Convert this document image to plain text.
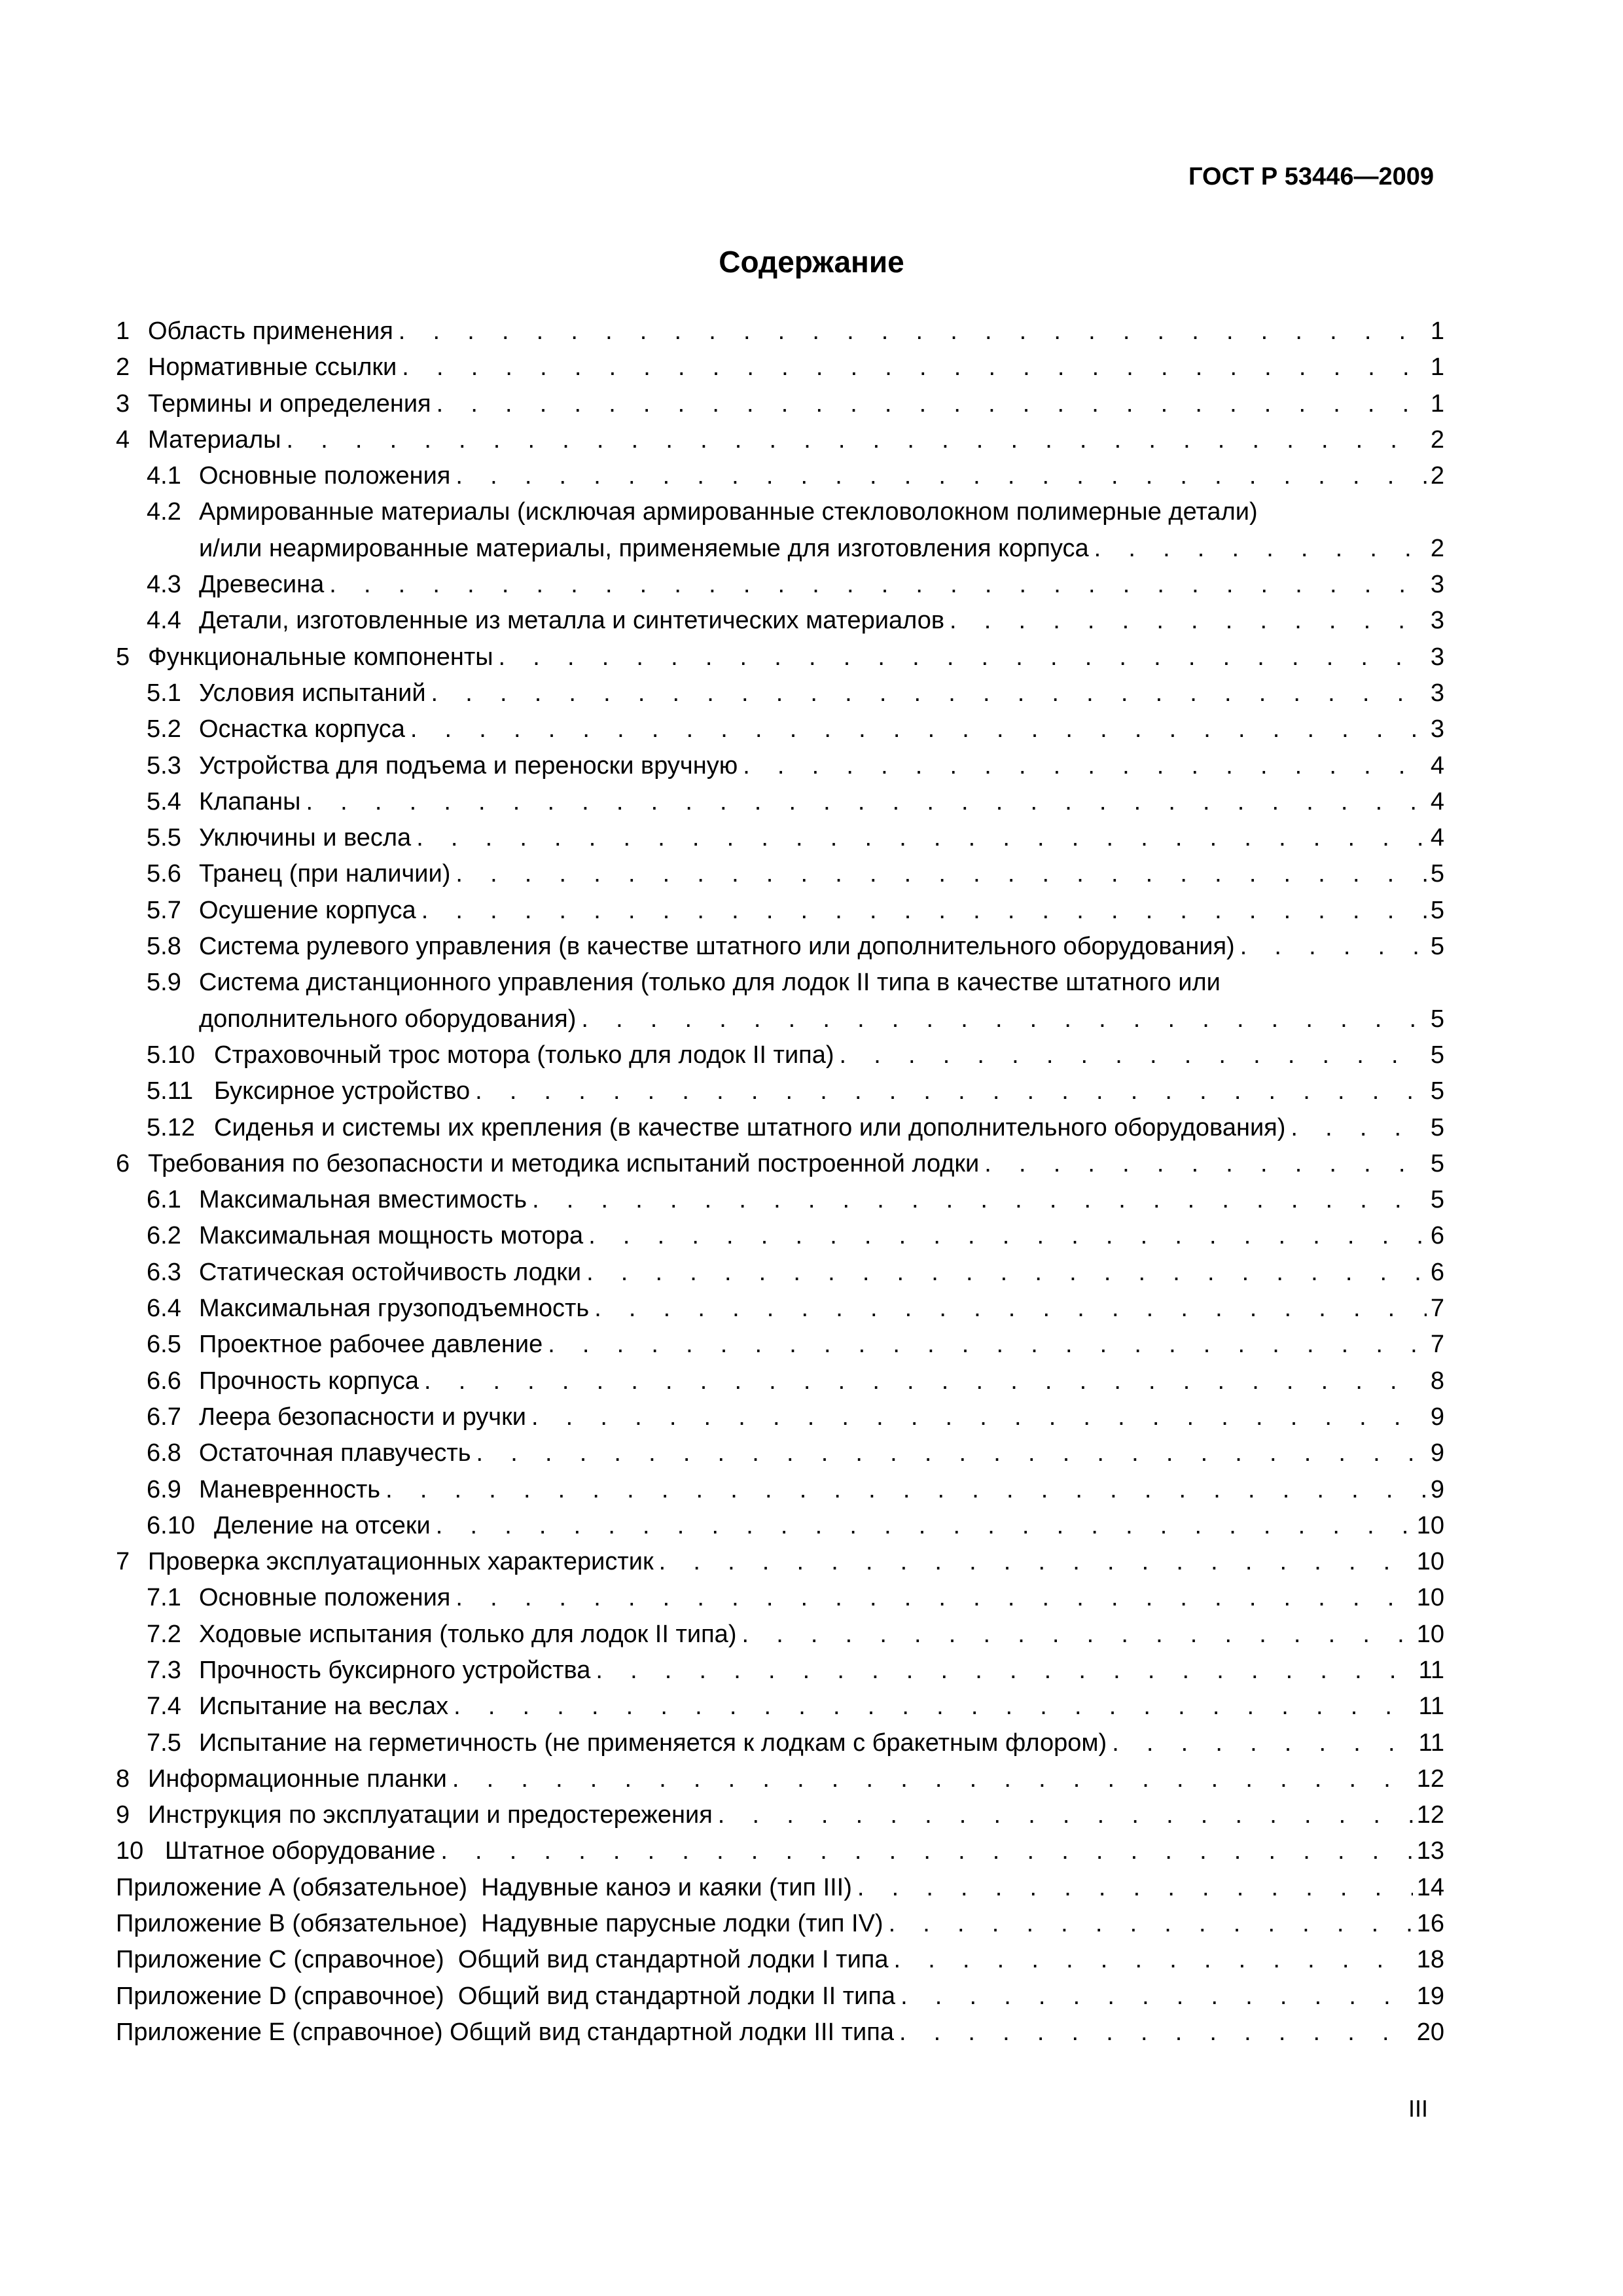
ГОСТ Р 53446—2009
Содержание
1 Область применения . . .	1
2 Нормативные ссылки . . .	1
3 Термины и определения . . .	1
4 Материалы . . .	2
4.1 Основные положения . . .	2
4.2 Армированные материалы (исключая армированные стекловолокном полимерные детали)
и/или неармированные материалы, применяемые для изготовления корпуса . . .	2
4.3 Древесина . . .	3
4.4 Детали, изготовленные из металла и синтетических материалов . . .	3
5 Функциональные компоненты . . .	3
5.1 Условия испытаний . . .	3
5.2 Оснастка корпуса . . .	3
5.3 Устройства для подъема и переноски вручную . . .	4
5.4 Клапаны . . .	4
5.5 Уключины и весла . . .	4
5.6 Транец (при наличии) . . .	5
5.7 Осушение корпуса . . .	5
5.8 Система рулевого управления (в качестве штатного или дополнительного оборудования) . . .	5
5.9 Система дистанционного управления (только для лодок II типа в качестве штатного или
дополнительного оборудования) . . .	5
5.10 Страховочный трос мотора (только для лодок II типа) . . .	5
5.11 Буксирное устройство . . .	5
5.12 Сиденья и системы их крепления (в качестве штатного или дополнительного оборудования) . . .	5
6 Требования по безопасности и методика испытаний построенной лодки . . .	5
6.1 Максимальная вместимость . . .	5
6.2 Максимальная мощность мотора . . .	6
6.3 Статическая остойчивость лодки . . .	6
6.4 Максимальная грузоподъемность . . .	7
6.5 Проектное рабочее давление . . .	7
6.6 Прочность корпуса . . .	8
6.7 Леера безопасности и ручки . . .	9
6.8 Остаточная плавучесть . . .	9
6.9 Маневренность . . .	9
6.10 Деление на отсеки . . .	10
7 Проверка эксплуатационных характеристик . . .	10
7.1 Основные положения . . .	10
7.2 Ходовые испытания (только для лодок II типа) . . .	10
7.3 Прочность буксирного устройства . . .	11
7.4 Испытание на веслах . . .	11
7.5 Испытание на герметичность (не применяется к лодкам с бракетным флором) . . .	11
8 Информационные планки . . .	12
9 Инструкция по эксплуатации и предостережения . . .	12
10 Штатное оборудование . . .	13
Приложение А (обязательное)  Надувные каноэ и каяки (тип III) . . .	14
Приложение В (обязательное)  Надувные парусные лодки (тип IV) . . .	16
Приложение С (справочное)  Общий вид стандартной лодки I типа . . .	18
Приложение D (справочное)  Общий вид стандартной лодки II типа . . .	19
Приложение Е (справочное) Общий вид стандартной лодки III типа . . .	20
III
